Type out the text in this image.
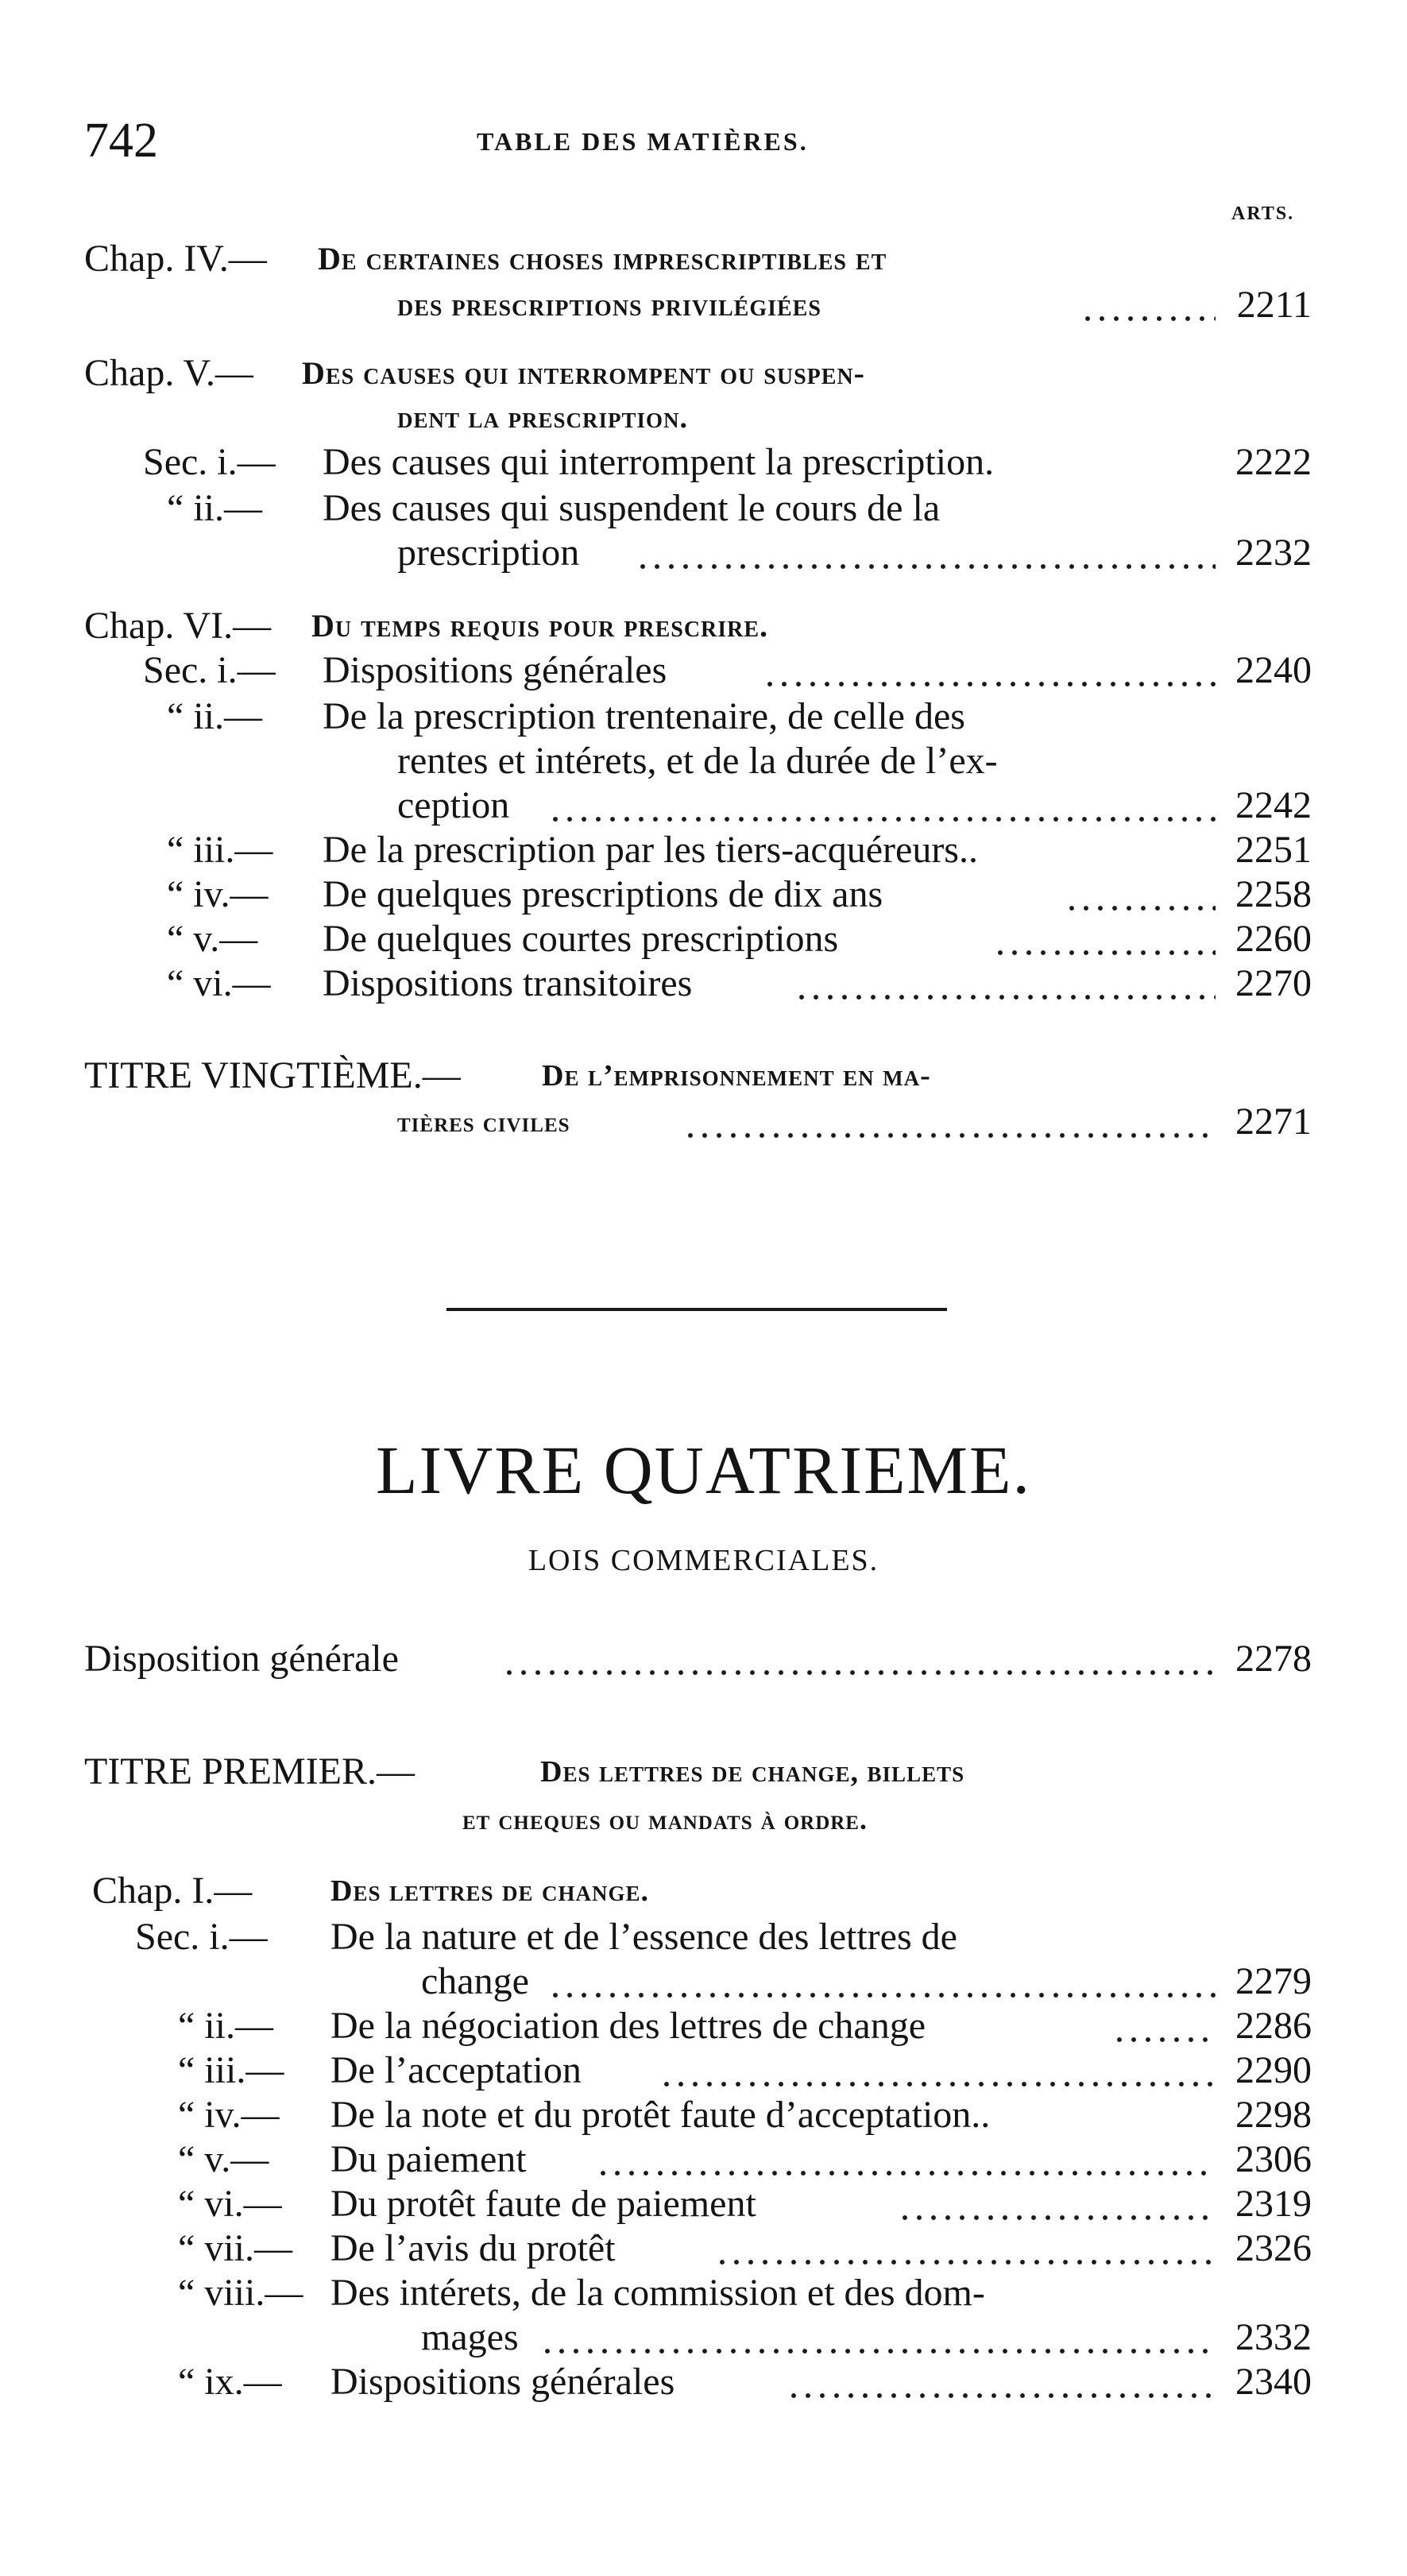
742	TABLE DES MATIÈRES.
ARTS.
Chap. IV.— De certaines choses imprescriptibles et
des prescriptions privilégiées	2211
Chap. V.— Des causes qui interrompent ou suspen-
dent la prescription.
Sec. i.— Des causes qui interrompent la prescription.	2222
“ ii.— Des causes qui suspendent le cours de la
prescription	2232
Chap. VI.— Du temps requis pour prescrire.
Sec. i.— Dispositions générales	2240
“ ii.— De la prescription trentenaire, de celle des
rentes et intérets, et de la durée de l’ex-
ception	2242
“ iii.— De la prescription par les tiers-acquéreurs..	2251
“ iv.— De quelques prescriptions de dix ans	2258
“ v.— De quelques courtes prescriptions	2260
“ vi.— Dispositions transitoires	2270
TITRE VINGTIÈME.—	De l’emprisonnement en ma-
tières civiles	2271
LIVRE QUATRIEME.
LOIS COMMERCIALES.
Disposition générale	2278
TITRE PREMIER.—	Des lettres de change, billets
et cheques ou mandats à ordre.
Chap. I.—	Des lettres de change.
Sec. i.— De la nature et de l’essence des lettres de
change	2279
“ ii.— De la négociation des lettres de change	2286
“ iii.— De l’acceptation	2290
“ iv.— De la note et du protêt faute d’acceptation..	2298
“ v.— Du paiement	2306
“ vi.— Du protêt faute de paiement	2319
“ vii.— De l’avis du protêt	2326
“ viii.— Des intérets, de la commission et des dom-
mages	2332
“ ix.— Dispositions générales	2340
